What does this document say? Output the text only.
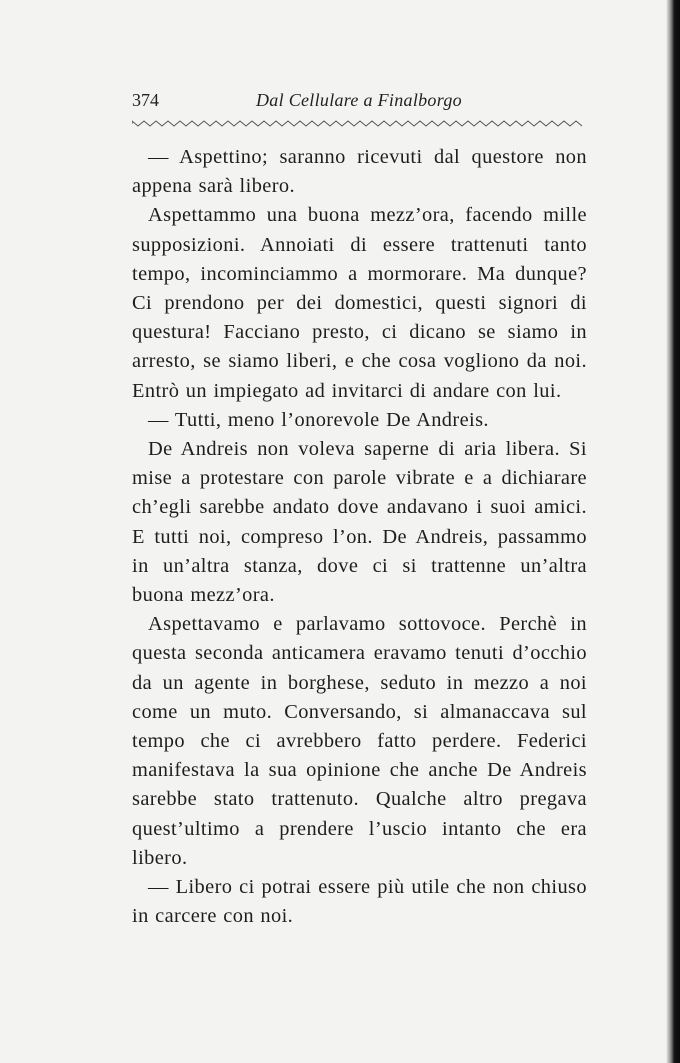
374	Dal Cellulare a Finalborgo

— Aspettino; saranno ricevuti dal questore non appena sarà libero.

Aspettammo una buona mezz’ora, facendo mille supposizioni. Annoiati di essere trattenuti tanto tempo, incominciammo a mormorare. Ma dunque? Ci prendono per dei domestici, questi signori di questura! Facciano presto, ci dicano se siamo in arresto, se siamo liberi, e che cosa vogliono da noi. Entrò un impiegato ad invitarci di andare con lui.

— Tutti, meno l’onorevole De Andreis.

De Andreis non voleva saperne di aria libera. Si mise a protestare con parole vibrate e a dichiarare ch’egli sarebbe andato dove andavano i suoi amici. E tutti noi, compreso l’on. De Andreis, passammo in un’altra stanza, dove ci si trattenne un’altra buona mezz’ora.

Aspettavamo e parlavamo sottovoce. Perchè in questa seconda anticamera eravamo tenuti d’occhio da un agente in borghese, seduto in mezzo a noi come un muto. Conversando, si almanaccava sul tempo che ci avrebbero fatto perdere. Federici manifestava la sua opinione che anche De Andreis sarebbe stato trattenuto. Qualche altro pregava quest’ultimo a prendere l’uscio intanto che era libero.

— Libero ci potrai essere più utile che non chiuso in carcere con noi.
